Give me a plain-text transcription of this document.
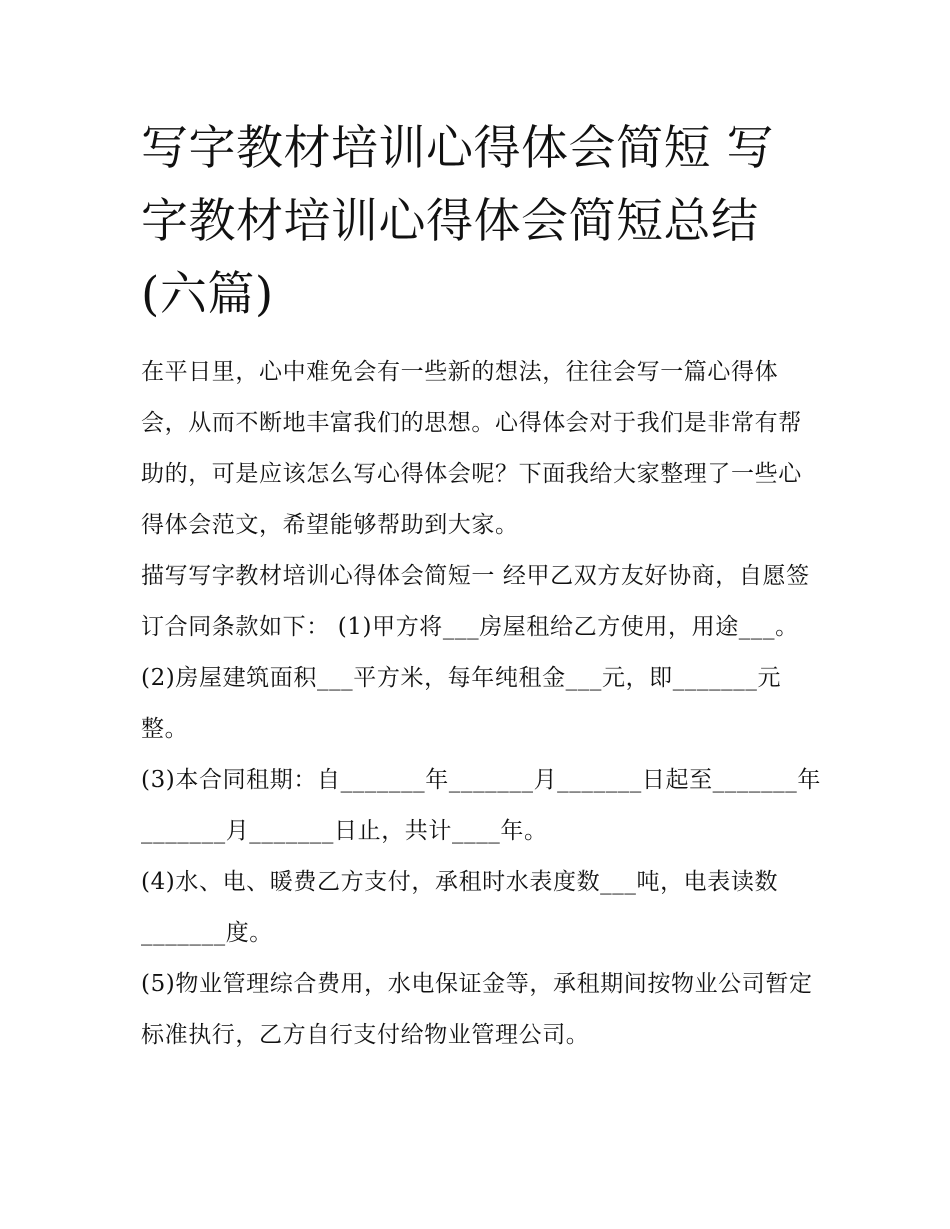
写字教材培训心得体会简短 写字教材培训心得体会简短总结(六篇)

在平日里，心中难免会有一些新的想法，往往会写一篇心得体会，从而不断地丰富我们的思想。心得体会对于我们是非常有帮助的，可是应该怎么写心得体会呢？下面我给大家整理了一些心得体会范文，希望能够帮助到大家。

描写写字教材培训心得体会简短一 经甲乙双方友好协商，自愿签订合同条款如下： (1)甲方将___房屋租给乙方使用，用途___。

(2)房屋建筑面积___平方米，每年纯租金___元，即_______元整。

(3)本合同租期：自_______年_______月_______日起至_______年_______月_______日止，共计____年。

(4)水、电、暖费乙方支付，承租时水表度数___吨，电表读数_______度。

(5)物业管理综合费用，水电保证金等，承租期间按物业公司暂定标准执行，乙方自行支付给物业管理公司。
